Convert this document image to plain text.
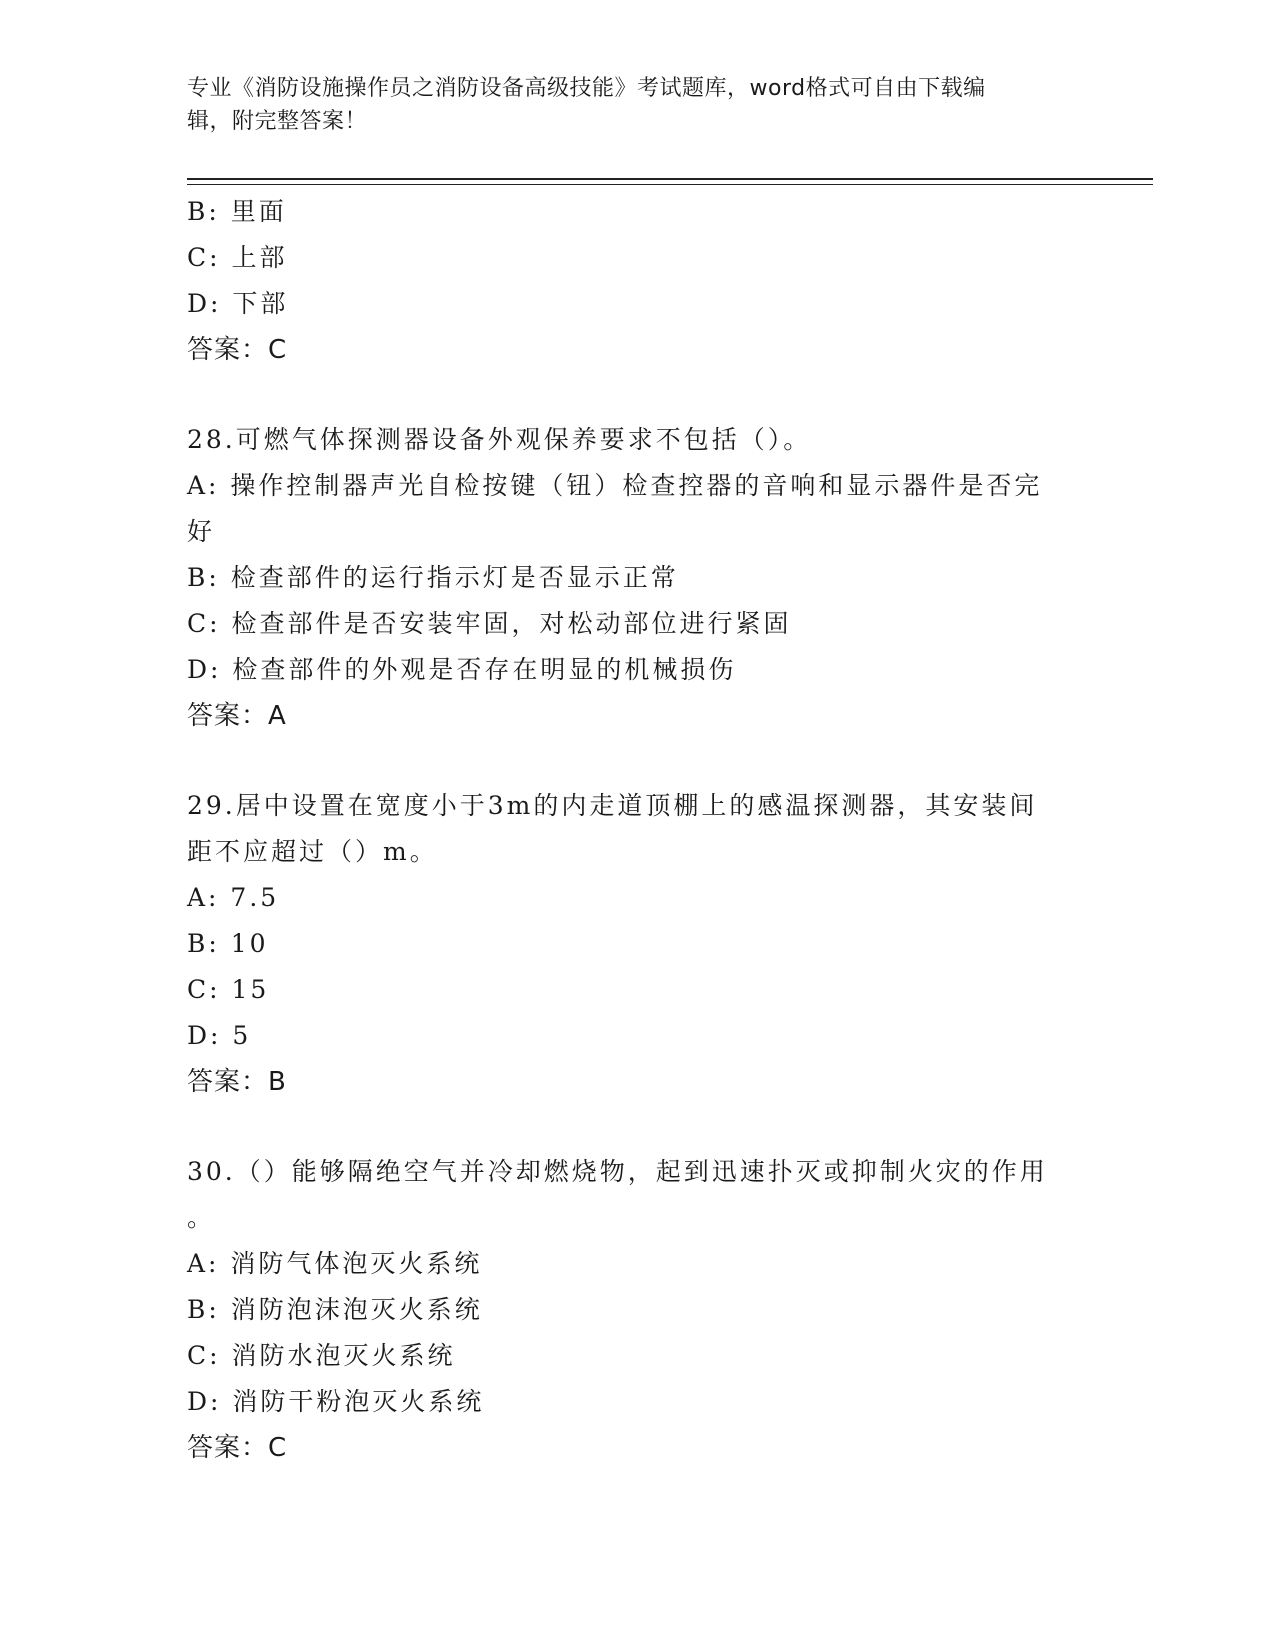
专业《消防设施操作员之消防设备高级技能》考试题库，word格式可自由下载编
辑，附完整答案！
B: 里面
C: 上部
D: 下部
答案：C
28.可燃气体探测器设备外观保养要求不包括（）。
A: 操作控制器声光自检按键（钮）检查控器的音响和显示器件是否完
好
B: 检查部件的运行指示灯是否显示正常
C: 检查部件是否安装牢固，对松动部位进行紧固
D: 检查部件的外观是否存在明显的机械损伤
答案：A
29.居中设置在宽度小于3m的内走道顶棚上的感温探测器，其安装间
距不应超过（）m。
A: 7.5
B: 10
C: 15
D: 5
答案：B
30.（）能够隔绝空气并冷却燃烧物，起到迅速扑灭或抑制火灾的作用
。
A: 消防气体泡灭火系统
B: 消防泡沫泡灭火系统
C: 消防水泡灭火系统
D: 消防干粉泡灭火系统
答案：C
